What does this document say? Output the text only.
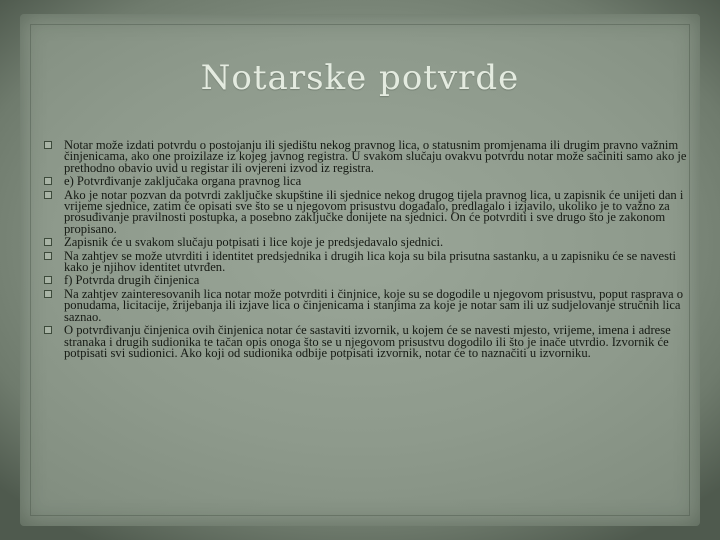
Notarske potvrde
Notar može izdati potvrdu o postojanju ili sjedištu nekog pravnog lica, o statusnim promjenama ili drugim pravno važnim činjenicama, ako one proizilaze iz kojeg javnog registra. U svakom slučaju ovakvu potvrdu notar može sačiniti samo ako je prethodno obavio uvid u registar ili ovjereni izvod iz registra.
e) Potvrđivanje zaključaka organa pravnog lica
Ako je notar pozvan da potvrdi zaključke skupštine ili sjednice nekog drugog tijela pravnog lica, u zapisnik će unijeti dan i vrijeme sjednice, zatim će opisati sve što se u njegovom prisustvu događalo, predlagalo i izjavilo, ukoliko je to važno za prosuđivanje pravilnosti postupka, a posebno zaključke donijete na sjednici. On će potvrditi i sve drugo što je zakonom propisano.
Zapisnik će u svakom slučaju potpisati i lice koje je predsjedavalo sjednici.
Na zahtjev se može utvrditi i identitet predsjednika i drugih lica koja su bila prisutna sastanku, a u zapisniku će se navesti kako je njihov identitet utvrđen.
f) Potvrda drugih činjenica
Na zahtjev zainteresovanih lica notar može potvrditi i činjnice, koje su se dogodile u njegovom prisustvu, poput rasprava o ponudama, licitacije, žrijebanja ili izjave lica o činjenicama i stanjima za koje je notar sam ili uz sudjelovanje stručnih lica saznao.
O potvrđivanju činjenica ovih činjenica notar će sastaviti izvornik, u kojem će se navesti mjesto, vrijeme, imena i adrese stranaka i drugih sudionika te tačan opis onoga što se u njegovom prisustvu dogodilo ili što je inače utvrdio. Izvornik će potpisati svi sudionici. Ako koji od sudionika odbije potpisati izvornik, notar će to naznačiti u izvorniku.
